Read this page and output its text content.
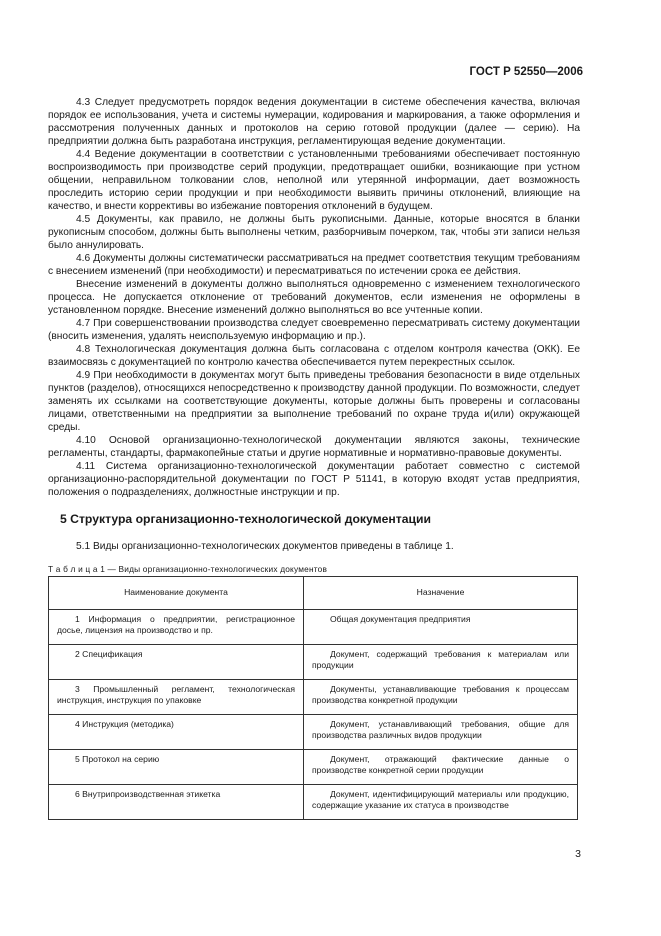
ГОСТ Р 52550—2006

4.3 Следует предусмотреть порядок ведения документации в системе обеспечения качества, включая порядок ее использования, учета и системы нумерации, кодирования и маркирования, а также оформления и рассмотрения полученных данных и протоколов на серию готовой продукции (далее — серию). На предприятии должна быть разработана инструкция, регламентирующая ведение документации.

4.4 Ведение документации в соответствии с установленными требованиями обеспечивает постоянную воспроизводимость при производстве серий продукции, предотвращает ошибки, возникающие при устном общении, неправильном толковании слов, неполной или утерянной информации, дает возможность проследить историю серии продукции и при необходимости выявить причины отклонений, влияющие на качество, и внести коррективы во избежание повторения отклонений в будущем.

4.5 Документы, как правило, не должны быть рукописными. Данные, которые вносятся в бланки рукописным способом, должны быть выполнены четким, разборчивым почерком, так, чтобы эти записи нельзя было аннулировать.

4.6 Документы должны систематически рассматриваться на предмет соответствия текущим требованиям с внесением изменений (при необходимости) и пересматриваться по истечении срока ее действия.

Внесение изменений в документы должно выполняться одновременно с изменением технологического процесса. Не допускается отклонение от требований документов, если изменения не оформлены в установленном порядке. Внесение изменений должно выполняться во все учтенные копии.

4.7 При совершенствовании производства следует своевременно пересматривать систему документации (вносить изменения, удалять неиспользуемую информацию и пр.).

4.8 Технологическая документация должна быть согласована с отделом контроля качества (ОКК). Ее взаимосвязь с документацией по контролю качества обеспечивается путем перекрестных ссылок.

4.9 При необходимости в документах могут быть приведены требования безопасности в виде отдельных пунктов (разделов), относящихся непосредственно к производству данной продукции. По возможности, следует заменять их ссылками на соответствующие документы, которые должны быть проверены и согласованы лицами, ответственными на предприятии за выполнение требований по охране труда и(или) окружающей среды.

4.10 Основой организационно-технологической документации являются законы, технические регламенты, стандарты, фармакопейные статьи и другие нормативные и нормативно-правовые документы.

4.11 Система организационно-технологической документации работает совместно с системой организационно-распорядительной документации по ГОСТ Р 51141, в которую входят устав предприятия, положения о подразделениях, должностные инструкции и пр.

5 Структура организационно-технологической документации

5.1 Виды организационно-технологических документов приведены в таблице 1.

Т а б л и ц а 1 — Виды организационно-технологических документов

Наименование документа	Назначение
1 Информация о предприятии, регистрационное досье, лицензия на производство и пр.	Общая документация предприятия
2 Спецификация	Документ, содержащий требования к материалам или продукции
3 Промышленный регламент, технологическая инструкция, инструкция по упаковке	Документы, устанавливающие требования к процессам производства конкретной продукции
4 Инструкция (методика)	Документ, устанавливающий требования, общие для производства различных видов продукции
5 Протокол на серию	Документ, отражающий фактические данные о производстве конкретной серии продукции
6 Внутрипроизводственная этикетка	Документ, идентифицирующий материалы или продукцию, содержащие указание их статуса в производстве
3
